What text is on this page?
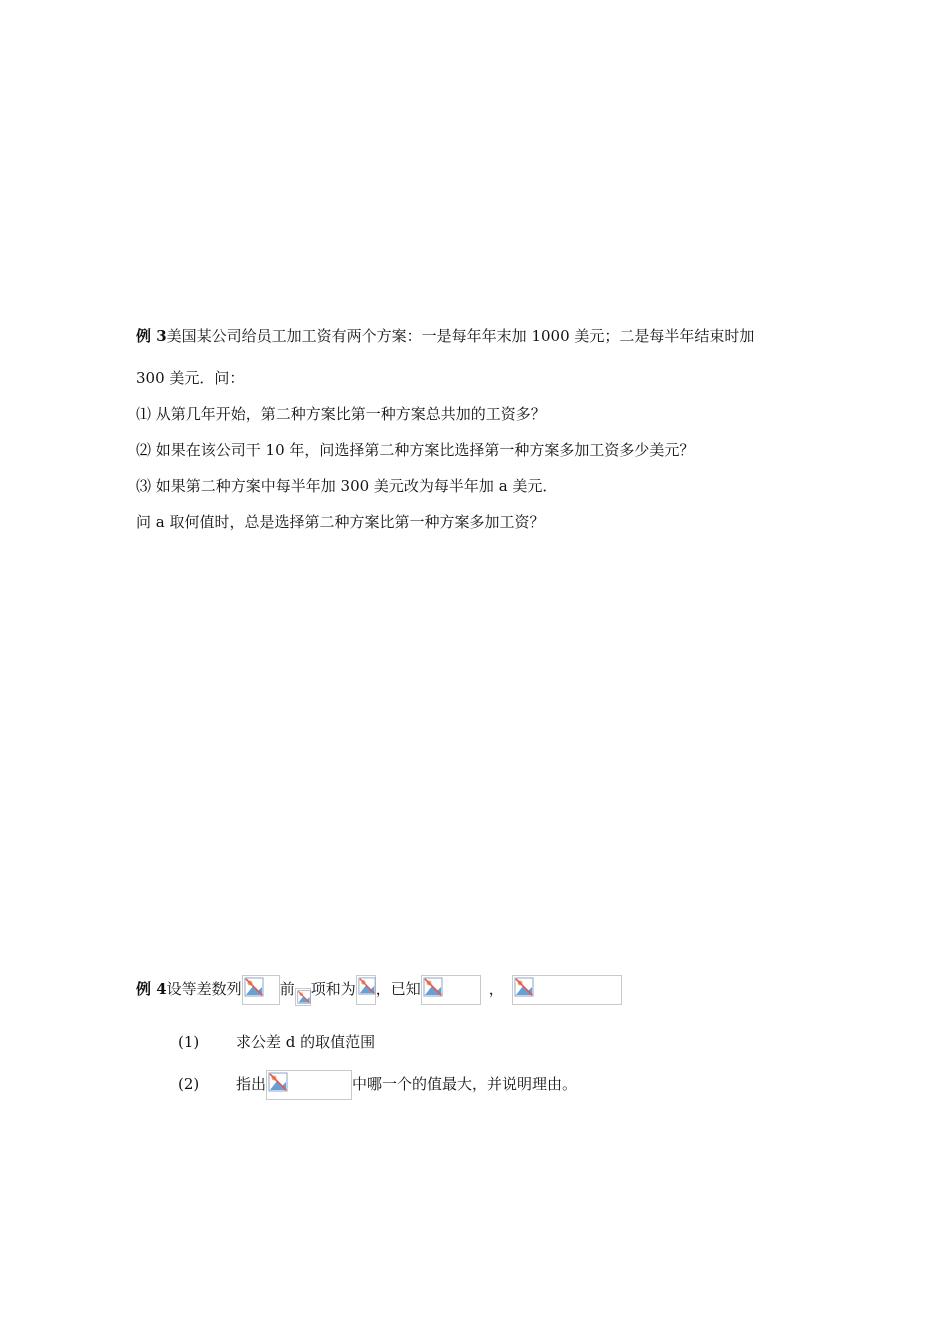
例 3美国某公司给员工加工资有两个方案：一是每年年末加 1000 美元；二是每半年结束时加
300 美元．问：
⑴ 从第几年开始，第二种方案比第一种方案总共加的工资多？
⑵ 如果在该公司干 10 年，问选择第二种方案比选择第一种方案多加工资多少美元？
⑶ 如果第二种方案中每半年加 300 美元改为每半年加 a 美元．
问 a 取何值时，总是选择第二种方案比第一种方案多加工资？
例 4设等差数列	前 项和为 ，已知	，
(1) 求公差 d 的取值范围
(2) 指出	中哪一个的值最大，并说明理由。
